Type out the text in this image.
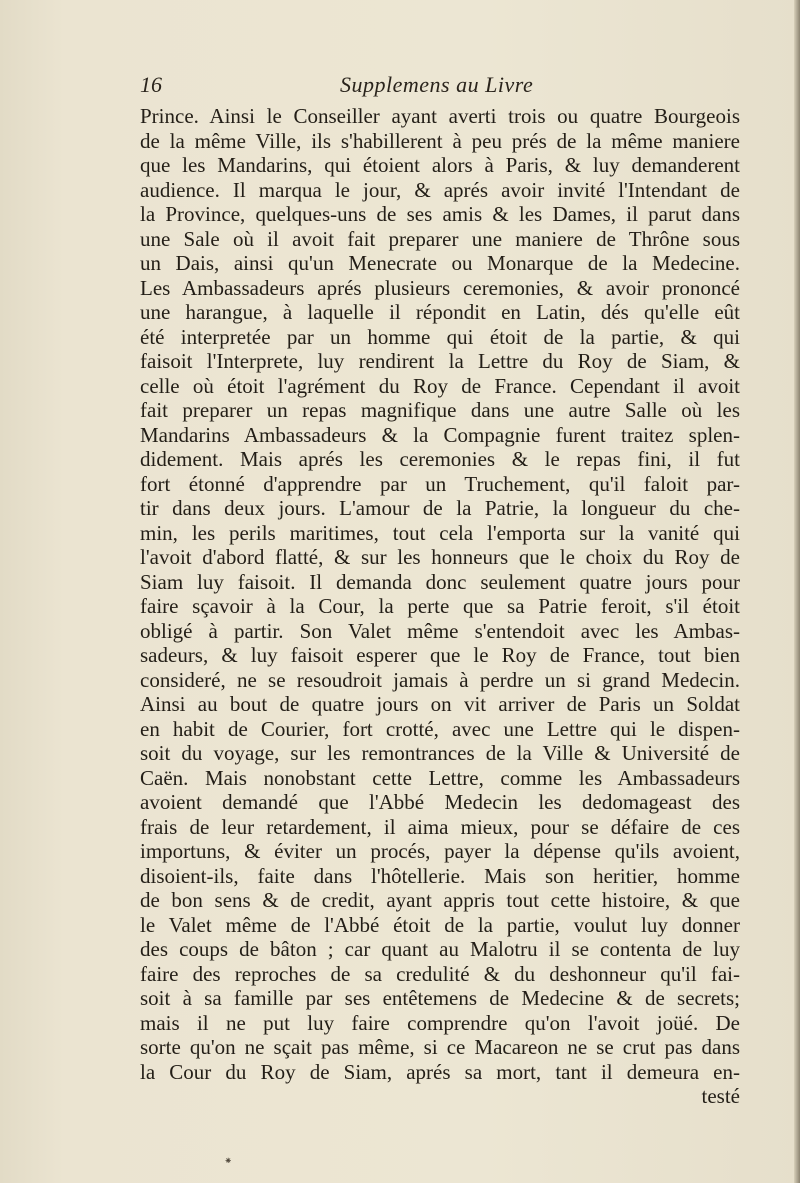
16	Supplemens au Livre
Prince. Ainsi le Conseiller ayant averti trois ou quatre Bourgeois
de la même Ville, ils s'habillerent à peu prés de la même maniere
que les Mandarins, qui étoient alors à Paris, & luy demanderent
audience. Il marqua le jour, & aprés avoir invité l'Intendant de
la Province, quelques-uns de ses amis & les Dames, il parut dans
une Sale où il avoit fait preparer une maniere de Thrône sous
un Dais, ainsi qu'un Menecrate ou Monarque de la Medecine.
Les Ambassadeurs aprés plusieurs ceremonies, & avoir prononcé
une harangue, à laquelle il répondit en Latin, dés qu'elle eût
été interpretée par un homme qui étoit de la partie, & qui
faisoit l'Interprete, luy rendirent la Lettre du Roy de Siam, &
celle où étoit l'agrément du Roy de France. Cependant il avoit
fait preparer un repas magnifique dans une autre Salle où les
Mandarins Ambassadeurs & la Compagnie furent traitez splen-
didement. Mais aprés les ceremonies & le repas fini, il fut
fort étonné d'apprendre par un Truchement, qu'il faloit par-
tir dans deux jours. L'amour de la Patrie, la longueur du che-
min, les perils maritimes, tout cela l'emporta sur la vanité qui
l'avoit d'abord flatté, & sur les honneurs que le choix du Roy de
Siam luy faisoit. Il demanda donc seulement quatre jours pour
faire sçavoir à la Cour, la perte que sa Patrie feroit, s'il étoit
obligé à partir. Son Valet même s'entendoit avec les Ambas-
sadeurs, & luy faisoit esperer que le Roy de France, tout bien
consideré, ne se resoudroit jamais à perdre un si grand Medecin.
Ainsi au bout de quatre jours on vit arriver de Paris un Soldat
en habit de Courier, fort crotté, avec une Lettre qui le dispen-
soit du voyage, sur les remontrances de la Ville & Université de
Caën. Mais nonobstant cette Lettre, comme les Ambassadeurs
avoient demandé que l'Abbé Medecin les dedomageast des
frais de leur retardement, il aima mieux, pour se défaire de ces
importuns, & éviter un procés, payer la dépense qu'ils avoient,
disoient-ils, faite dans l'hôtellerie. Mais son heritier, homme
de bon sens & de credit, ayant appris tout cette histoire, & que
le Valet même de l'Abbé étoit de la partie, voulut luy donner
des coups de bâton ; car quant au Malotru il se contenta de luy
faire des reproches de sa credulité & du deshonneur qu'il fai-
soit à sa famille par ses entêtemens de Medecine & de secrets;
mais il ne put luy faire comprendre qu'on l'avoit joüé. De
sorte qu'on ne sçait pas même, si ce Macareon ne se crut pas dans
la Cour du Roy de Siam, aprés sa mort, tant il demeura en-
testé
⁕
